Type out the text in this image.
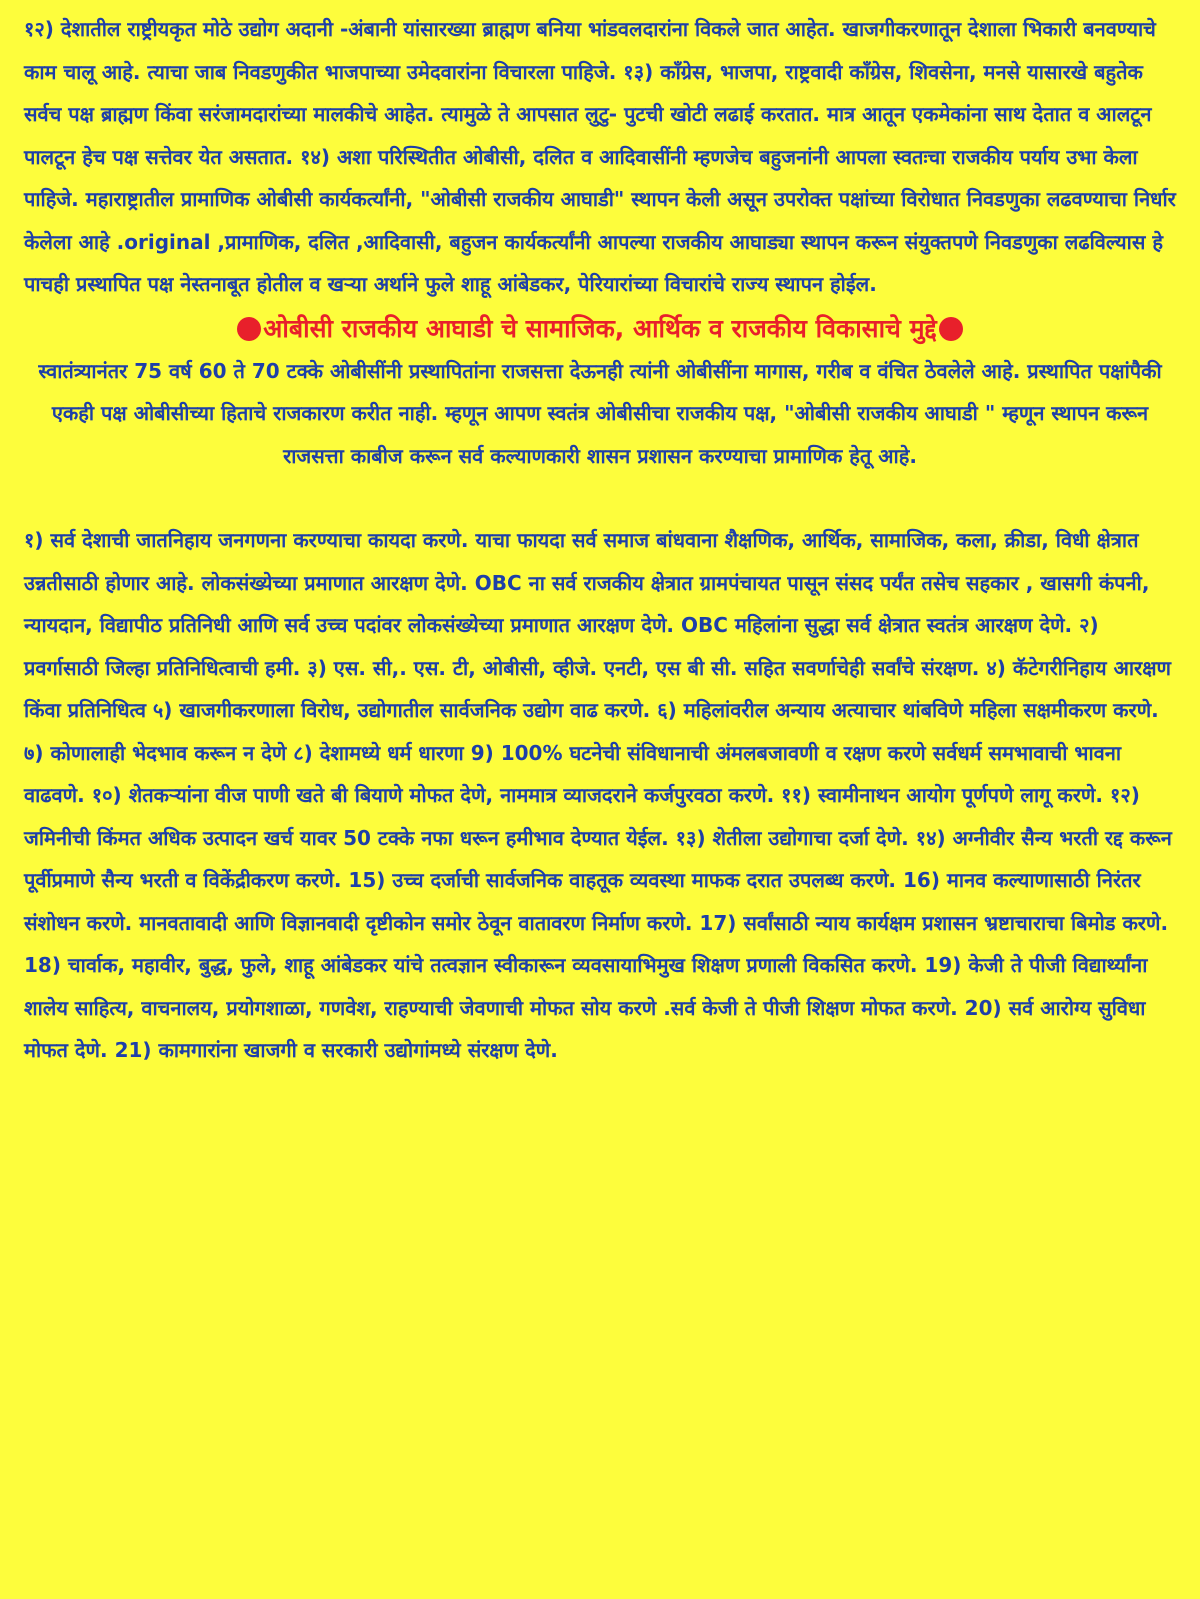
१२) देशातील राष्ट्रीयकृत मोठे उद्योग अदानी -अंबानी यांसारख्या ब्राह्मण बनिया भांडवलदारांना विकले जात आहेत. खाजगीकरणातून देशाला भिकारी बनवण्याचे काम चालू आहे. त्याचा जाब निवडणुकीत भाजपाच्या उमेदवारांना विचारला पाहिजे. १३) कॉंग्रेस, भाजपा, राष्ट्रवादी कॉंग्रेस, शिवसेना, मनसे यासारखे बहुतेक सर्वच पक्ष ब्राह्मण किंवा सरंजामदारांच्या मालकीचे आहेत. त्यामुळे ते आपसात लुटु- पुटची खोटी लढाई करतात. मात्र आतून एकमेकांना साथ देतात व आलटून पालटून हेच पक्ष सत्तेवर येत असतात. १४) अशा परिस्थितीत ओबीसी, दलित व आदिवासींनी म्हणजेच बहुजनांनी आपला स्वतःचा राजकीय पर्याय उभा केला पाहिजे. महाराष्ट्रातील प्रामाणिक ओबीसी कार्यकर्त्यांनी, "ओबीसी राजकीय आघाडी" स्थापन केली असून उपरोक्त पक्षांच्या विरोधात निवडणुका लढवण्याचा निर्धार केलेला आहे .original ,प्रामाणिक, दलित ,आदिवासी, बहुजन कार्यकर्त्यांनी आपल्या राजकीय आघाड्या स्थापन करून संयुक्तपणे निवडणुका लढविल्यास हे पाचही प्रस्थापित पक्ष नेस्तनाबूत होतील व खऱ्या अर्थाने फुले शाहू आंबेडकर, पेरियारांच्या विचारांचे राज्य स्थापन होईल.

ओबीसी राजकीय आघाडी चे सामाजिक, आर्थिक व राजकीय विकासाचे मुद्दे

स्वातंत्र्यानंतर 75 वर्ष 60 ते 70 टक्के ओबीसींनी प्रस्थापितांना राजसत्ता देऊनही त्यांनी ओबीसींना मागास, गरीब व वंचित ठेवलेले आहे. प्रस्थापित पक्षांपैकी एकही पक्ष ओबीसीच्या हिताचे राजकारण करीत नाही. म्हणून आपण स्वतंत्र ओबीसीचा राजकीय पक्ष, "ओबीसी राजकीय आघाडी " म्हणून स्थापन करून राजसत्ता काबीज करून सर्व कल्याणकारी शासन प्रशासन करण्याचा प्रामाणिक हेतू आहे.

१) सर्व देशाची जातनिहाय जनगणना करण्याचा कायदा करणे. याचा फायदा सर्व समाज बांधवाना शैक्षणिक, आर्थिक, सामाजिक, कला, क्रीडा, विधी क्षेत्रात उन्नतीसाठी होणार आहे. लोकसंख्येच्या प्रमाणात आरक्षण देणे. OBC ना सर्व राजकीय क्षेत्रात ग्रामपंचायत पासून संसद पर्यंत तसेच सहकार , खासगी कंपनी, न्यायदान, विद्यापीठ प्रतिनिधी आणि सर्व उच्च पदांवर लोकसंख्येच्या प्रमाणात आरक्षण देणे. OBC महिलांना सुद्धा सर्व क्षेत्रात स्वतंत्र आरक्षण देणे. २) प्रवर्गासाठी जिल्हा प्रतिनिधित्वाची हमी. ३) एस. सी,. एस. टी, ओबीसी, व्हीजे. एनटी, एस बी सी. सहित सवर्णाचेही सर्वांचे संरक्षण. ४) कॅटेगरीनिहाय आरक्षण किंवा प्रतिनिधित्व ५) खाजगीकरणाला विरोध, उद्योगातील सार्वजनिक उद्योग वाढ करणे. ६) महिलांवरील अन्याय अत्याचार थांबविणे महिला सक्षमीकरण करणे. ७) कोणालाही भेदभाव करून न देणे ८) देशामध्ये धर्म धारणा 9) 100% घटनेची संविधानाची अंमलबजावणी व रक्षण करणे सर्वधर्म समभावाची भावना वाढवणे. १०) शेतकऱ्यांना वीज पाणी खते बी बियाणे मोफत देणे, नाममात्र व्याजदराने कर्जपुरवठा करणे. ११) स्वामीनाथन आयोग पूर्णपणे लागू करणे. १२) जमिनीची किंमत अधिक उत्पादन खर्च यावर 50 टक्के नफा धरून हमीभाव देण्यात येईल. १३) शेतीला उद्योगाचा दर्जा देणे. १४) अग्नीवीर सैन्य भरती रद्द करून पूर्वीप्रमाणे सैन्य भरती व विकेंद्रीकरण करणे. 15) उच्च दर्जाची सार्वजनिक वाहतूक व्यवस्था माफक दरात उपलब्ध करणे. 16) मानव कल्याणासाठी निरंतर संशोधन करणे. मानवतावादी आणि विज्ञानवादी दृष्टीकोन समोर ठेवून वातावरण निर्माण करणे. 17) सर्वांसाठी न्याय कार्यक्षम प्रशासन भ्रष्टाचाराचा बिमोड करणे. 18) चार्वाक, महावीर, बुद्ध, फुले, शाहू आंबेडकर यांचे तत्वज्ञान स्वीकारून व्यवसायाभिमुख शिक्षण प्रणाली विकसित करणे. 19) केजी ते पीजी विद्यार्थ्यांना शालेय साहित्य, वाचनालय, प्रयोगशाळा, गणवेश, राहण्याची जेवणाची मोफत सोय करणे .सर्व केजी ते पीजी शिक्षण मोफत करणे. 20) सर्व आरोग्य सुविधा मोफत देणे. 21) कामगारांना खाजगी व सरकारी उद्योगांमध्ये संरक्षण देणे.
